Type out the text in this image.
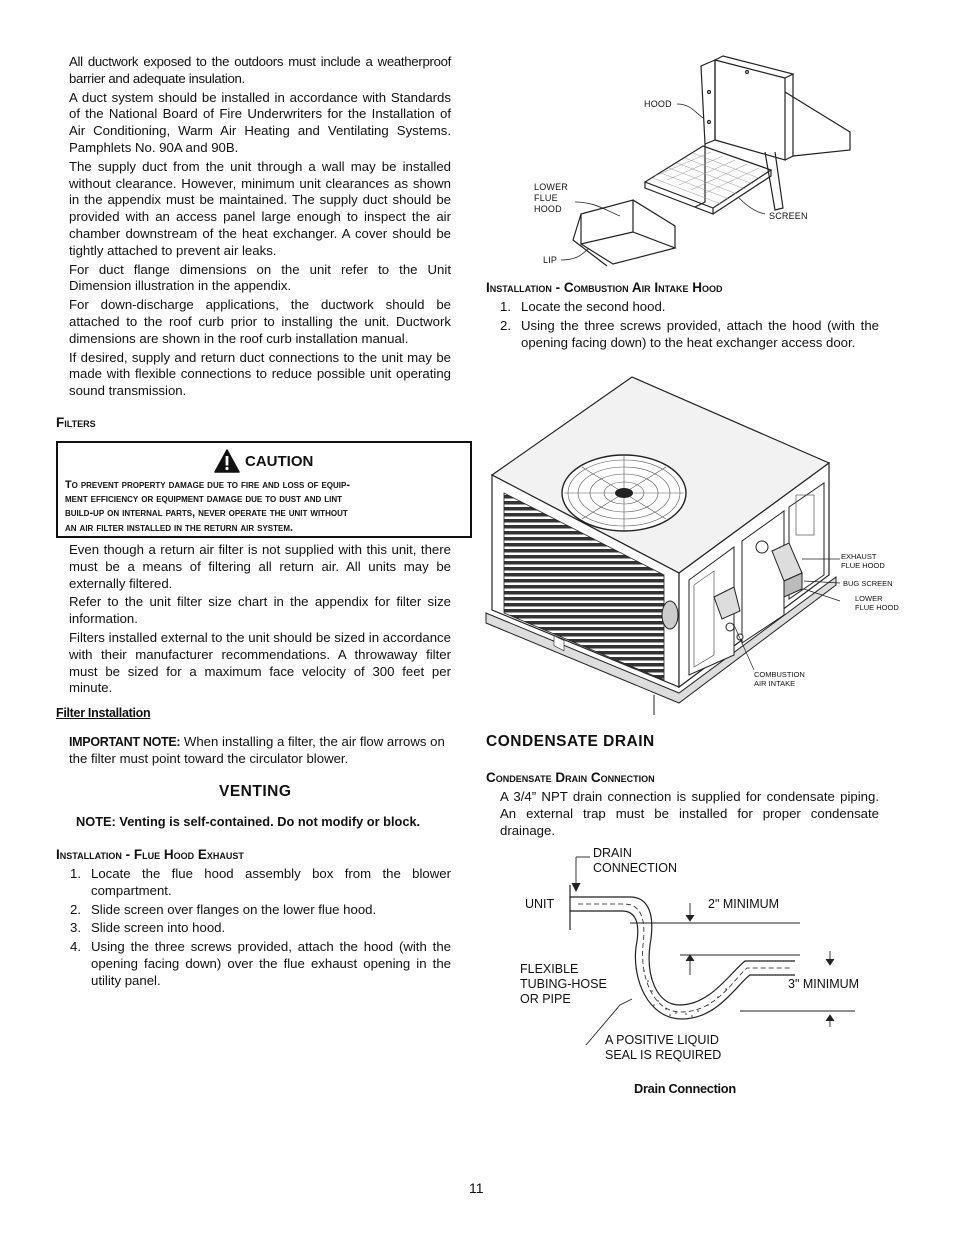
All ductwork exposed to the outdoors must include a weatherproof barrier and adequate insulation.

A duct system should be installed in accordance with Standards of the National Board of Fire Underwriters for the Installation of Air Conditioning, Warm Air Heating and Ventilating Systems. Pamphlets No. 90A and 90B.

The supply duct from the unit through a wall may be installed without clearance. However, minimum unit clearances as shown in the appendix must be maintained. The supply duct should be provided with an access panel large enough to inspect the air chamber downstream of the heat exchanger. A cover should be tightly attached to prevent air leaks.

For duct flange dimensions on the unit refer to the Unit Dimension illustration in the appendix.

For down-discharge applications, the ductwork should be attached to the roof curb prior to installing the unit. Ductwork dimensions are shown in the roof curb installation manual.

If desired, supply and return duct connections to the unit may be made with flexible connections to reduce possible unit operating sound transmission.

Filters
CAUTION
To prevent property damage due to fire and loss of equip-
ment efficiency or equipment damage due to dust and lint
build-up on internal parts, never operate the unit without
an air filter installed in the return air system.

Even though a return air filter is not supplied with this unit, there must be a means of filtering all return air. All units may be externally filtered.

Refer to the unit filter size chart in the appendix for filter size information.

Filters installed external to the unit should be sized in accordance with their manufacturer recommendations. A throwaway filter must be sized for a maximum face velocity of 300 feet per minute.

Filter Installation

IMPORTANT NOTE: When installing a filter, the air flow arrows on the filter must point toward the circulator blower.

VENTING
NOTE: Venting is self-contained. Do not modify or block.
Installation - Flue Hood Exhaust
1. Locate the flue hood assembly box from the blower compartment.
2. Slide screen over flanges on the lower flue hood.
3. Slide screen into hood.
4. Using the three screws provided, attach the hood (with the opening facing down) over the flue exhaust opening in the utility panel.
HOOD
LOWER
FLUE
HOOD
SCREEN
LIP
Installation - Combustion Air Intake Hood
1. Locate the second hood.
2. Using the three screws provided, attach the hood (with the opening facing down) to the heat exchanger access door.
EXHAUST
FLUE HOOD
BUG SCREEN
LOWER
FLUE HOOD
COMBUSTION
AIR INTAKE
CONDENSATE DRAIN
Condensate Drain Connection

A 3/4” NPT drain connection is supplied for condensate piping. An external trap must be installed for proper condensate drainage.

DRAIN
CONNECTION
UNIT	2" MINIMUM
FLEXIBLE
TUBING-HOSE
OR PIPE
3" MINIMUM
A POSITIVE LIQUID
SEAL IS REQUIRED
Drain Connection
11
